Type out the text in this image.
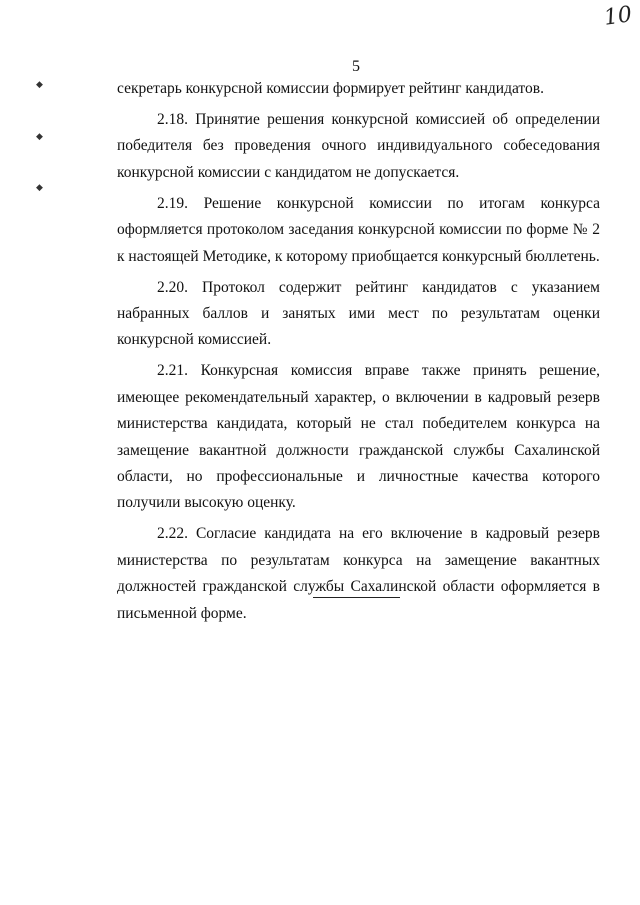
10
5
◆
◆
◆

секретарь конкурсной комиссии формирует рейтинг кандидатов.

2.18. Принятие решения конкурсной комиссией об определении победителя без проведения очного индивидуального собеседования конкурсной комиссии с кандидатом не допускается.

2.19. Решение конкурсной комиссии по итогам конкурса оформляется протоколом заседания конкурсной комиссии по форме № 2 к настоящей Методике, к которому приобщается конкурсный бюллетень.

2.20. Протокол содержит рейтинг кандидатов с указанием набранных баллов и занятых ими мест по результатам оценки конкурсной комиссией.

2.21. Конкурсная комиссия вправе также принять решение, имеющее рекомендательный характер, о включении в кадровый резерв министерства кандидата, который не стал победителем конкурса на замещение вакантной должности гражданской службы Сахалинской области, но профессиональные и личностные качества которого получили высокую оценку.

2.22. Согласие кандидата на его включение в кадровый резерв министерства по результатам конкурса на замещение вакантных должностей гражданской службы Сахалинской области оформляется в письменной форме.
